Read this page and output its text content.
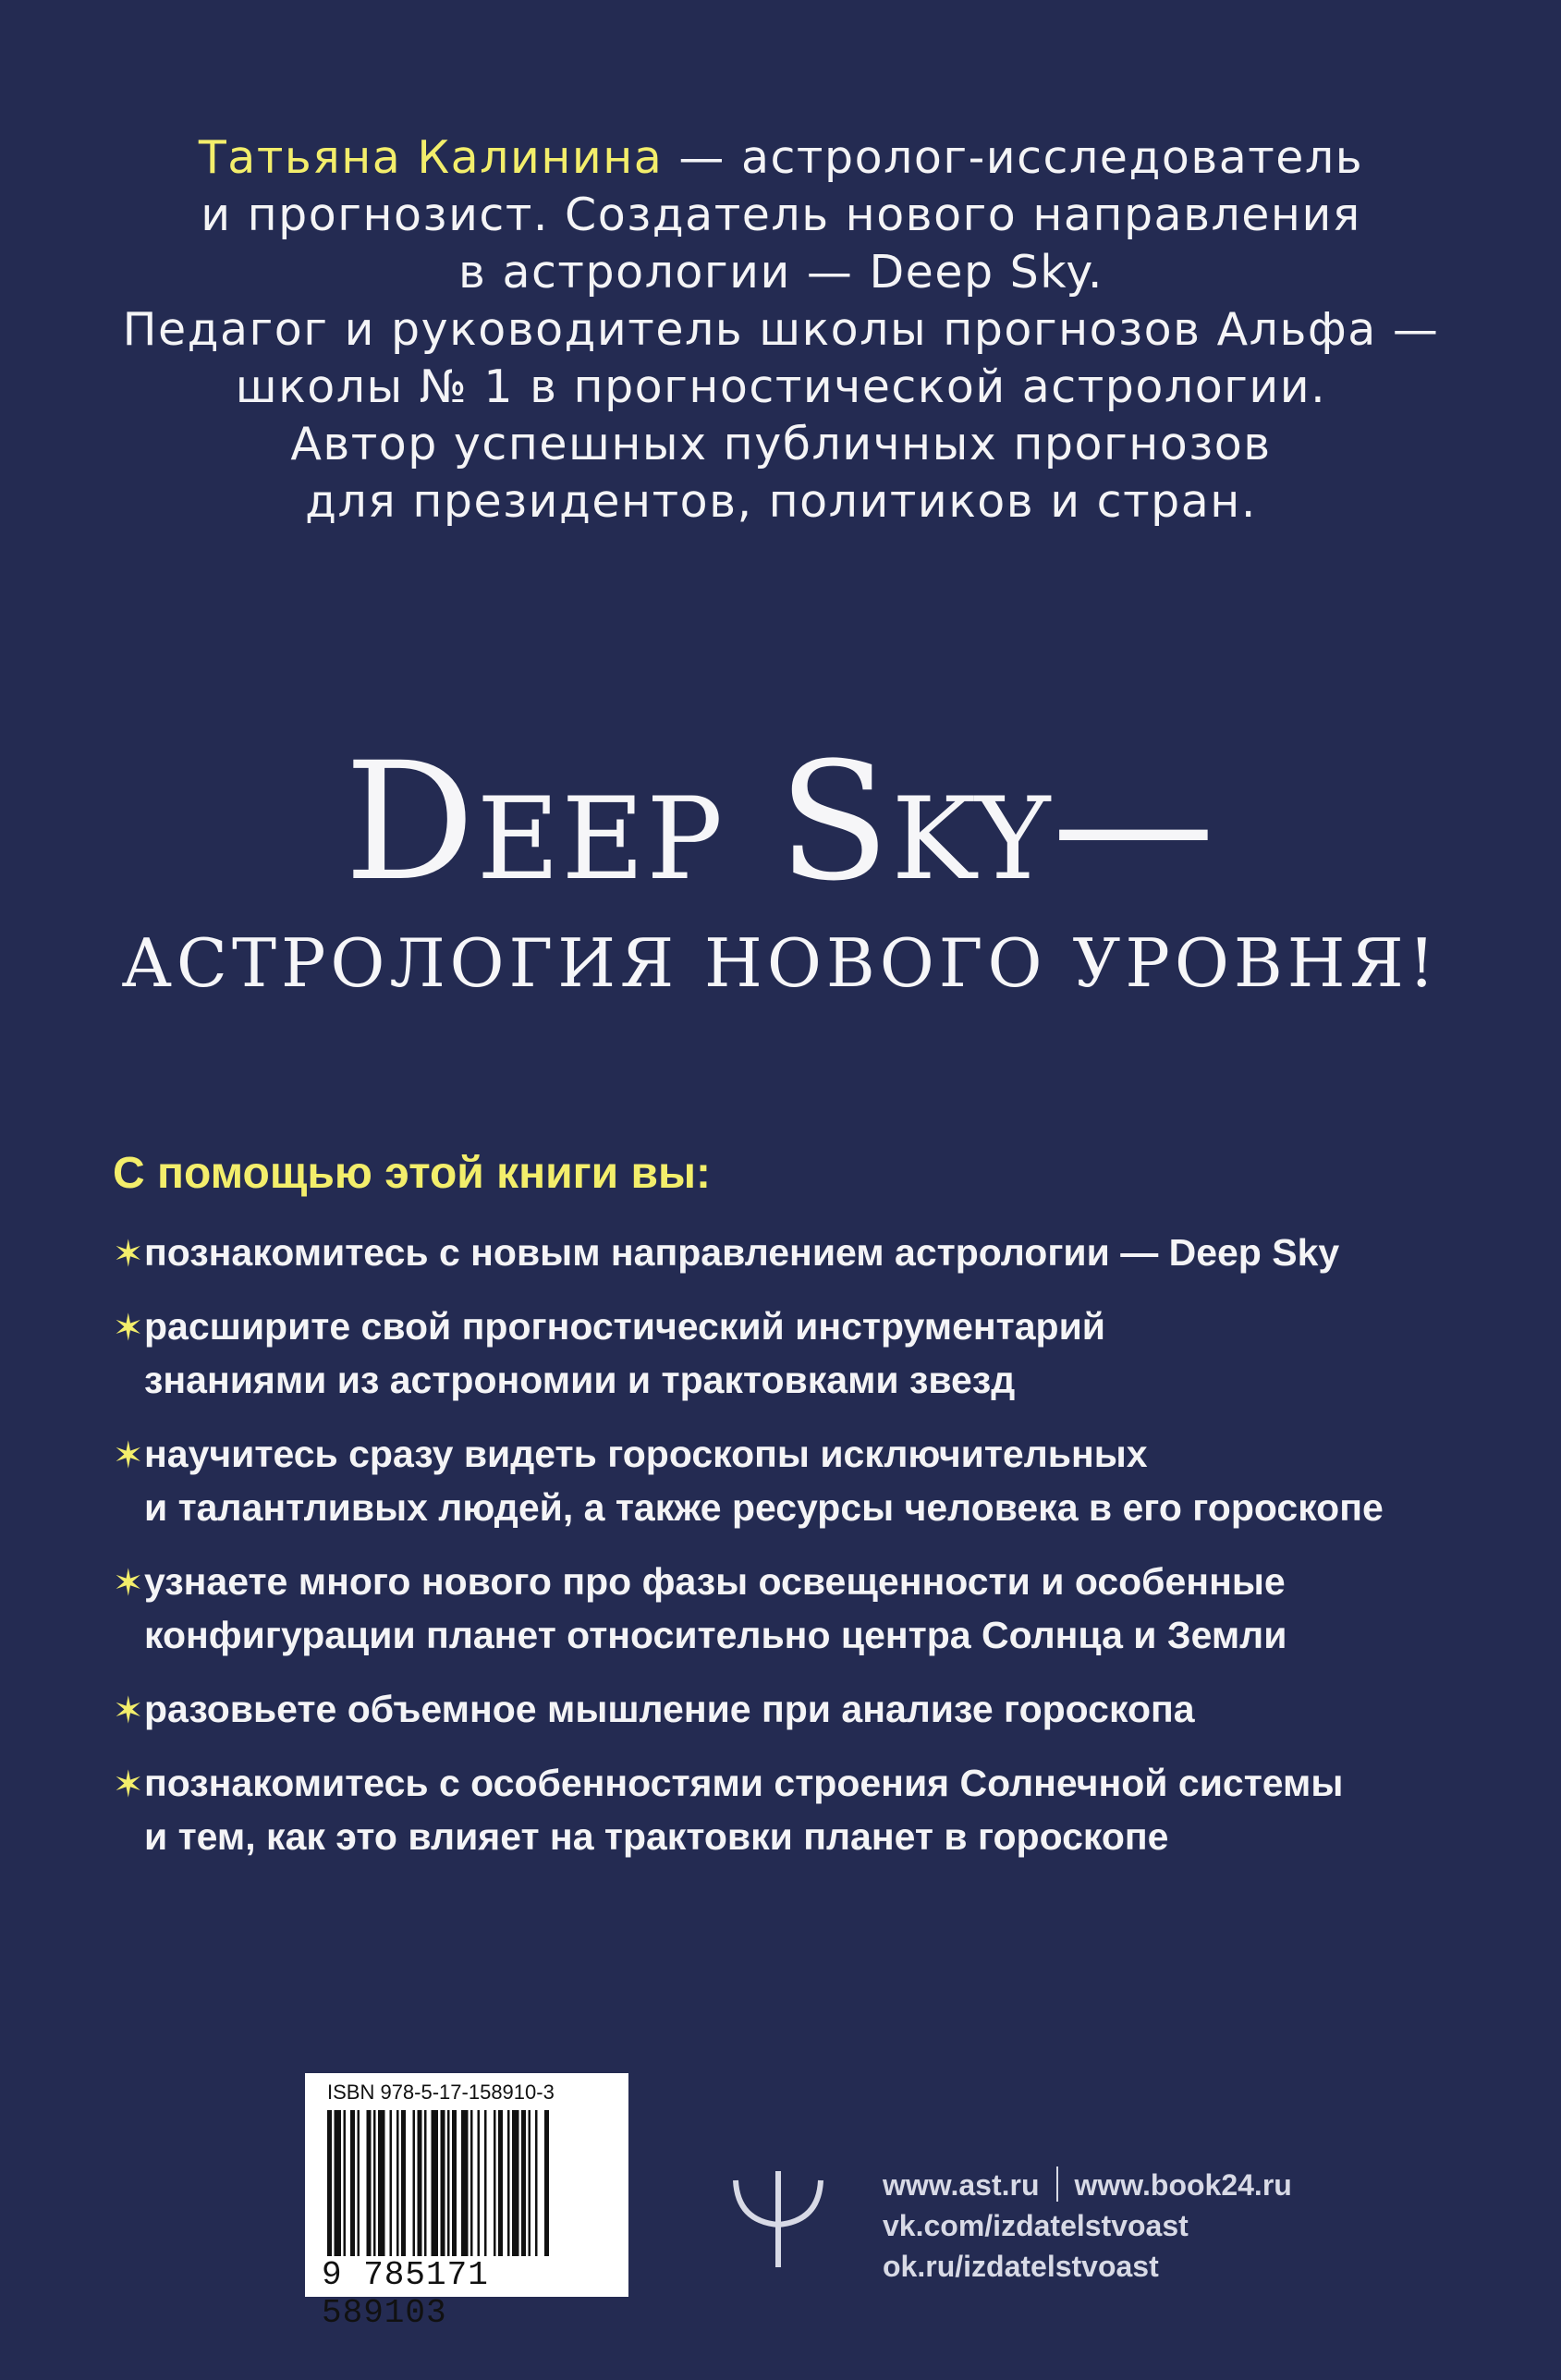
Татьяна Калинина — астролог-исследователь
и прогнозист. Создатель нового направления
в астрологии — Deep Sky.
Педагог и руководитель школы прогнозов Альфа —
школы № 1 в прогностической астрологии.
Автор успешных публичных прогнозов
для президентов, политиков и стран.
Deep Sky—
АСТРОЛОГИЯ НОВОГО УРОВНЯ!
С помощью этой книги вы:
✶ познакомитесь с новым направлением астрологии — Deep Sky
✶ расширите свой прогностический инструментарий
знаниями из астрономии и трактовками звезд
✶ научитесь сразу видеть гороскопы исключительных
и талантливых людей, а также ресурсы человека в его гороскопе
✶ узнаете много нового про фазы освещенности и особенные
конфигурации планет относительно центра Солнца и Земли
✶ разовьете объемное мышление при анализе гороскопа
✶ познакомитесь с особенностями строения Солнечной системы
и тем, как это влияет на трактовки планет в гороскопе
ISBN 978-5-17-158910-3
9 785171 589103
www.ast.ru www.book24.ru
vk.com/izdatelstvoast
ok.ru/izdatelstvoast
